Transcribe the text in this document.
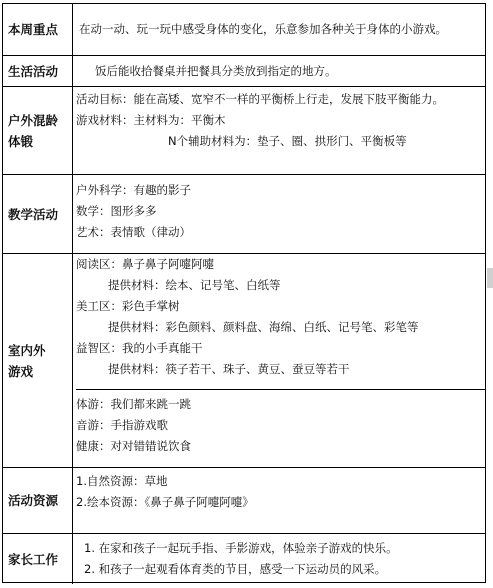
本周重点	在动一动、玩一玩中感受身体的变化，乐意参加各种关于身体的小游戏。
生活活动	饭后能收拾餐桌并把餐具分类放到指定的地方。
户外混龄
体锻
活动目标：能在高矮、宽窄不一样的平衡桥上行走，发展下肢平衡能力。
游戏材料：主材料为：平衡木
N个辅助材料为：垫子、圈、拱形门、平衡板等
教学活动
户外科学：有趣的影子
数学：图形多多
艺术：表情歌（律动）
室内外
游戏
阅读区：鼻子鼻子阿嚏阿嚏
提供材料：绘本、记号笔、白纸等
美工区：彩色手掌树
提供材料：彩色颜料、颜料盘、海绵、白纸、记号笔、彩笔等
益智区：我的小手真能干
提供材料：筷子若干、珠子、黄豆、蚕豆等若干
体游：我们都来跳一跳
音游：手指游戏歌
健康：对对错错说饮食
活动资源
1.自然资源：草地
2.绘本资源：《鼻子鼻子阿嚏阿嚏》
家长工作
1. 在家和孩子一起玩手指、手影游戏，体验亲子游戏的快乐。
2. 和孩子一起观看体育类的节目，感受一下运动员的风采。
